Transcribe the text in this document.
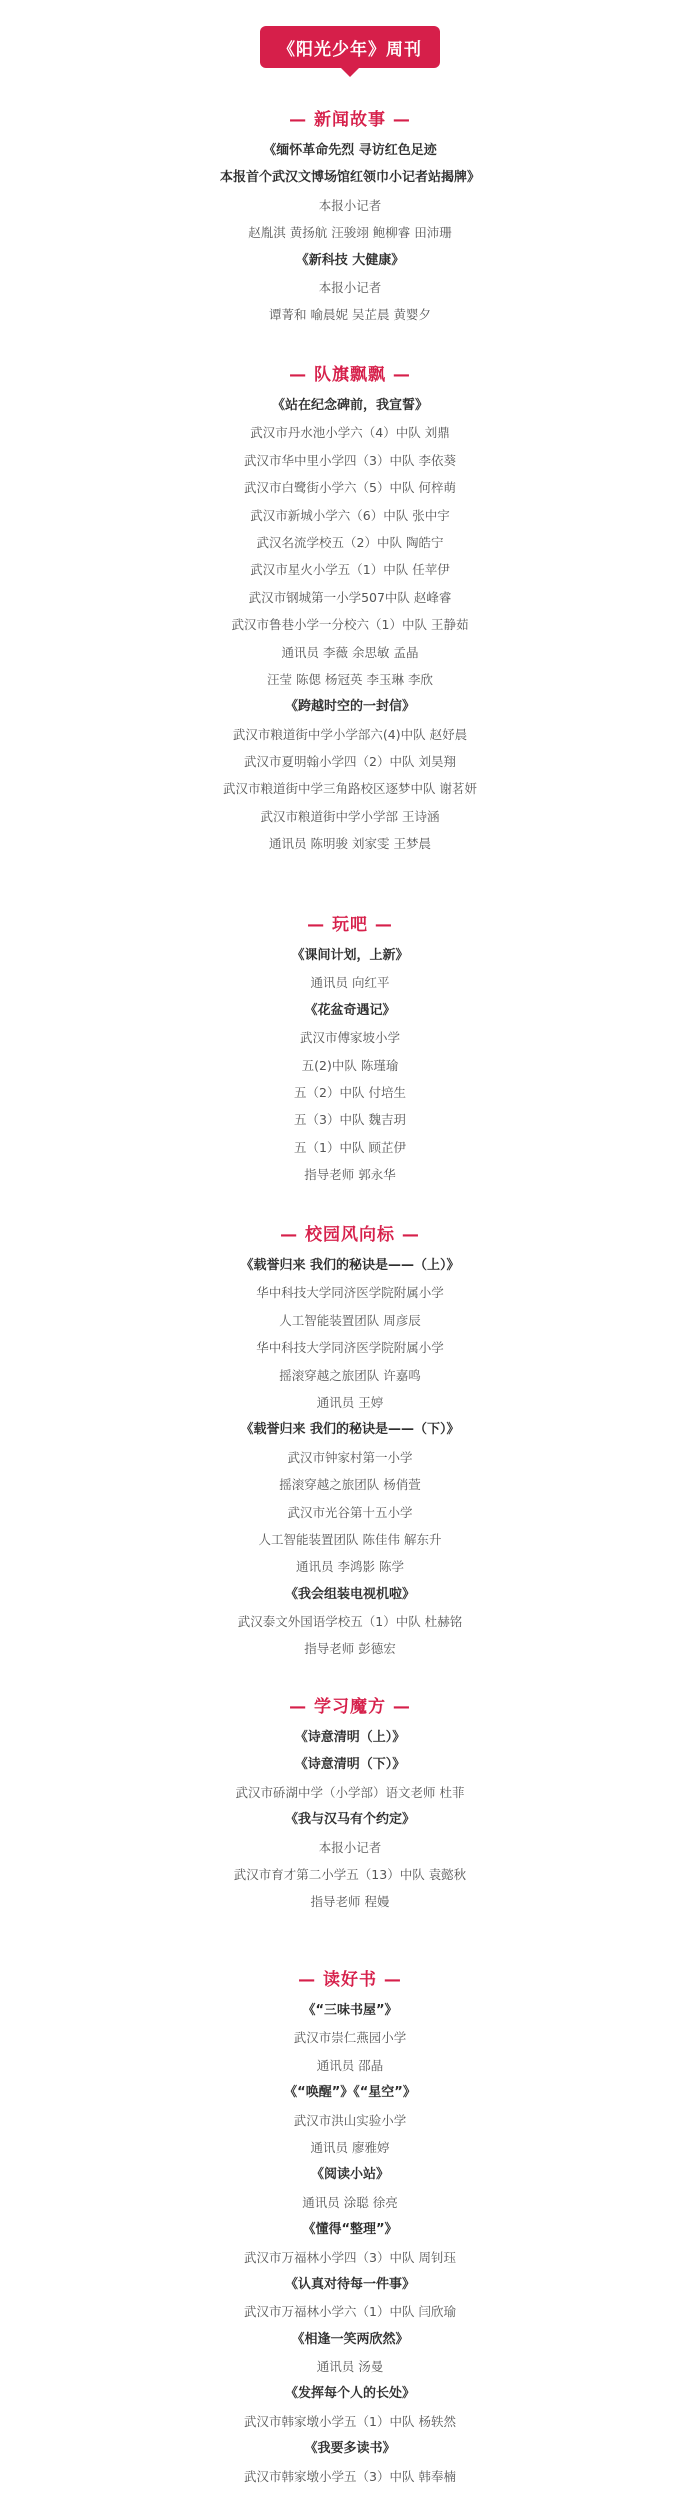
《阳光少年》周刊
— 新闻故事 —
《缅怀革命先烈 寻访红色足迹
本报首个武汉文博场馆红领巾小记者站揭牌》
本报小记者
赵胤淇 黄扬航 汪骏翊 鲍柳睿 田沛珊
《新科技 大健康》
本报小记者
谭菁和 喻晨妮 吴芷晨 黄婴夕
— 队旗飘飘 —
《站在纪念碑前，我宣誓》
武汉市丹水池小学六（4）中队 刘鼎
武汉市华中里小学四（3）中队 李依葵
武汉市白鹭街小学六（5）中队 何梓萌
武汉市新城小学六（6）中队 张中宇
武汉名流学校五（2）中队 陶皓宁
武汉市星火小学五（1）中队 任苹伊
武汉市钢城第一小学507中队 赵峰睿
武汉市鲁巷小学一分校六（1）中队 王静茹
通讯员 李薇 余思敏 孟晶
汪莹 陈偲 杨冠英 李玉琳 李欣
《跨越时空的一封信》
武汉市粮道街中学小学部六(4)中队 赵妤晨
武汉市夏明翰小学四（2）中队 刘昊翔
武汉市粮道街中学三角路校区逐梦中队 谢茗妍
武汉市粮道街中学小学部 王诗涵
通讯员 陈明骏 刘家雯 王梦晨
— 玩吧 —
《课间计划，上新》
通讯员 向红平
《花盆奇遇记》
武汉市傅家坡小学
五(2)中队 陈瑾瑜
五（2）中队 付培生
五（3）中队 魏吉玥
五（1）中队 顾芷伊
指导老师 郭永华
— 校园风向标 —
《载誉归来 我们的秘诀是——（上）》
华中科技大学同济医学院附属小学
人工智能装置团队 周彦辰
华中科技大学同济医学院附属小学
摇滚穿越之旅团队 许嘉鸣
通讯员 王婷
《载誉归来 我们的秘诀是——（下）》
武汉市钟家村第一小学
摇滚穿越之旅团队 杨俏萱
武汉市光谷第十五小学
人工智能装置团队 陈佳伟 解东升
通讯员 李鸿影 陈学
《我会组装电视机啦》
武汉泰文外国语学校五（1）中队 杜赫铭
指导老师 彭德宏
— 学习魔方 —
《诗意清明（上）》
《诗意清明（下）》
武汉市硚湖中学（小学部）语文老师 杜菲
《我与汉马有个约定》
本报小记者
武汉市育才第二小学五（13）中队 袁懿秋
指导老师 程嫚
— 读好书 —
《“三味书屋”》
武汉市崇仁燕园小学
通讯员 邵晶
《“唤醒”》《“星空”》
武汉市洪山实验小学
通讯员 廖雅婷
《阅读小站》
通讯员 涂聪 徐亮
《懂得“整理”》
武汉市万福林小学四（3）中队 周钊珏
《认真对待每一件事》
武汉市万福林小学六（1）中队 闫欣瑜
《相逢一笑两欣然》
通讯员 汤曼
《发挥每个人的长处》
武汉市韩家墩小学五（1）中队 杨轶然
《我要多读书》
武汉市韩家墩小学五（3）中队 韩奉楠
